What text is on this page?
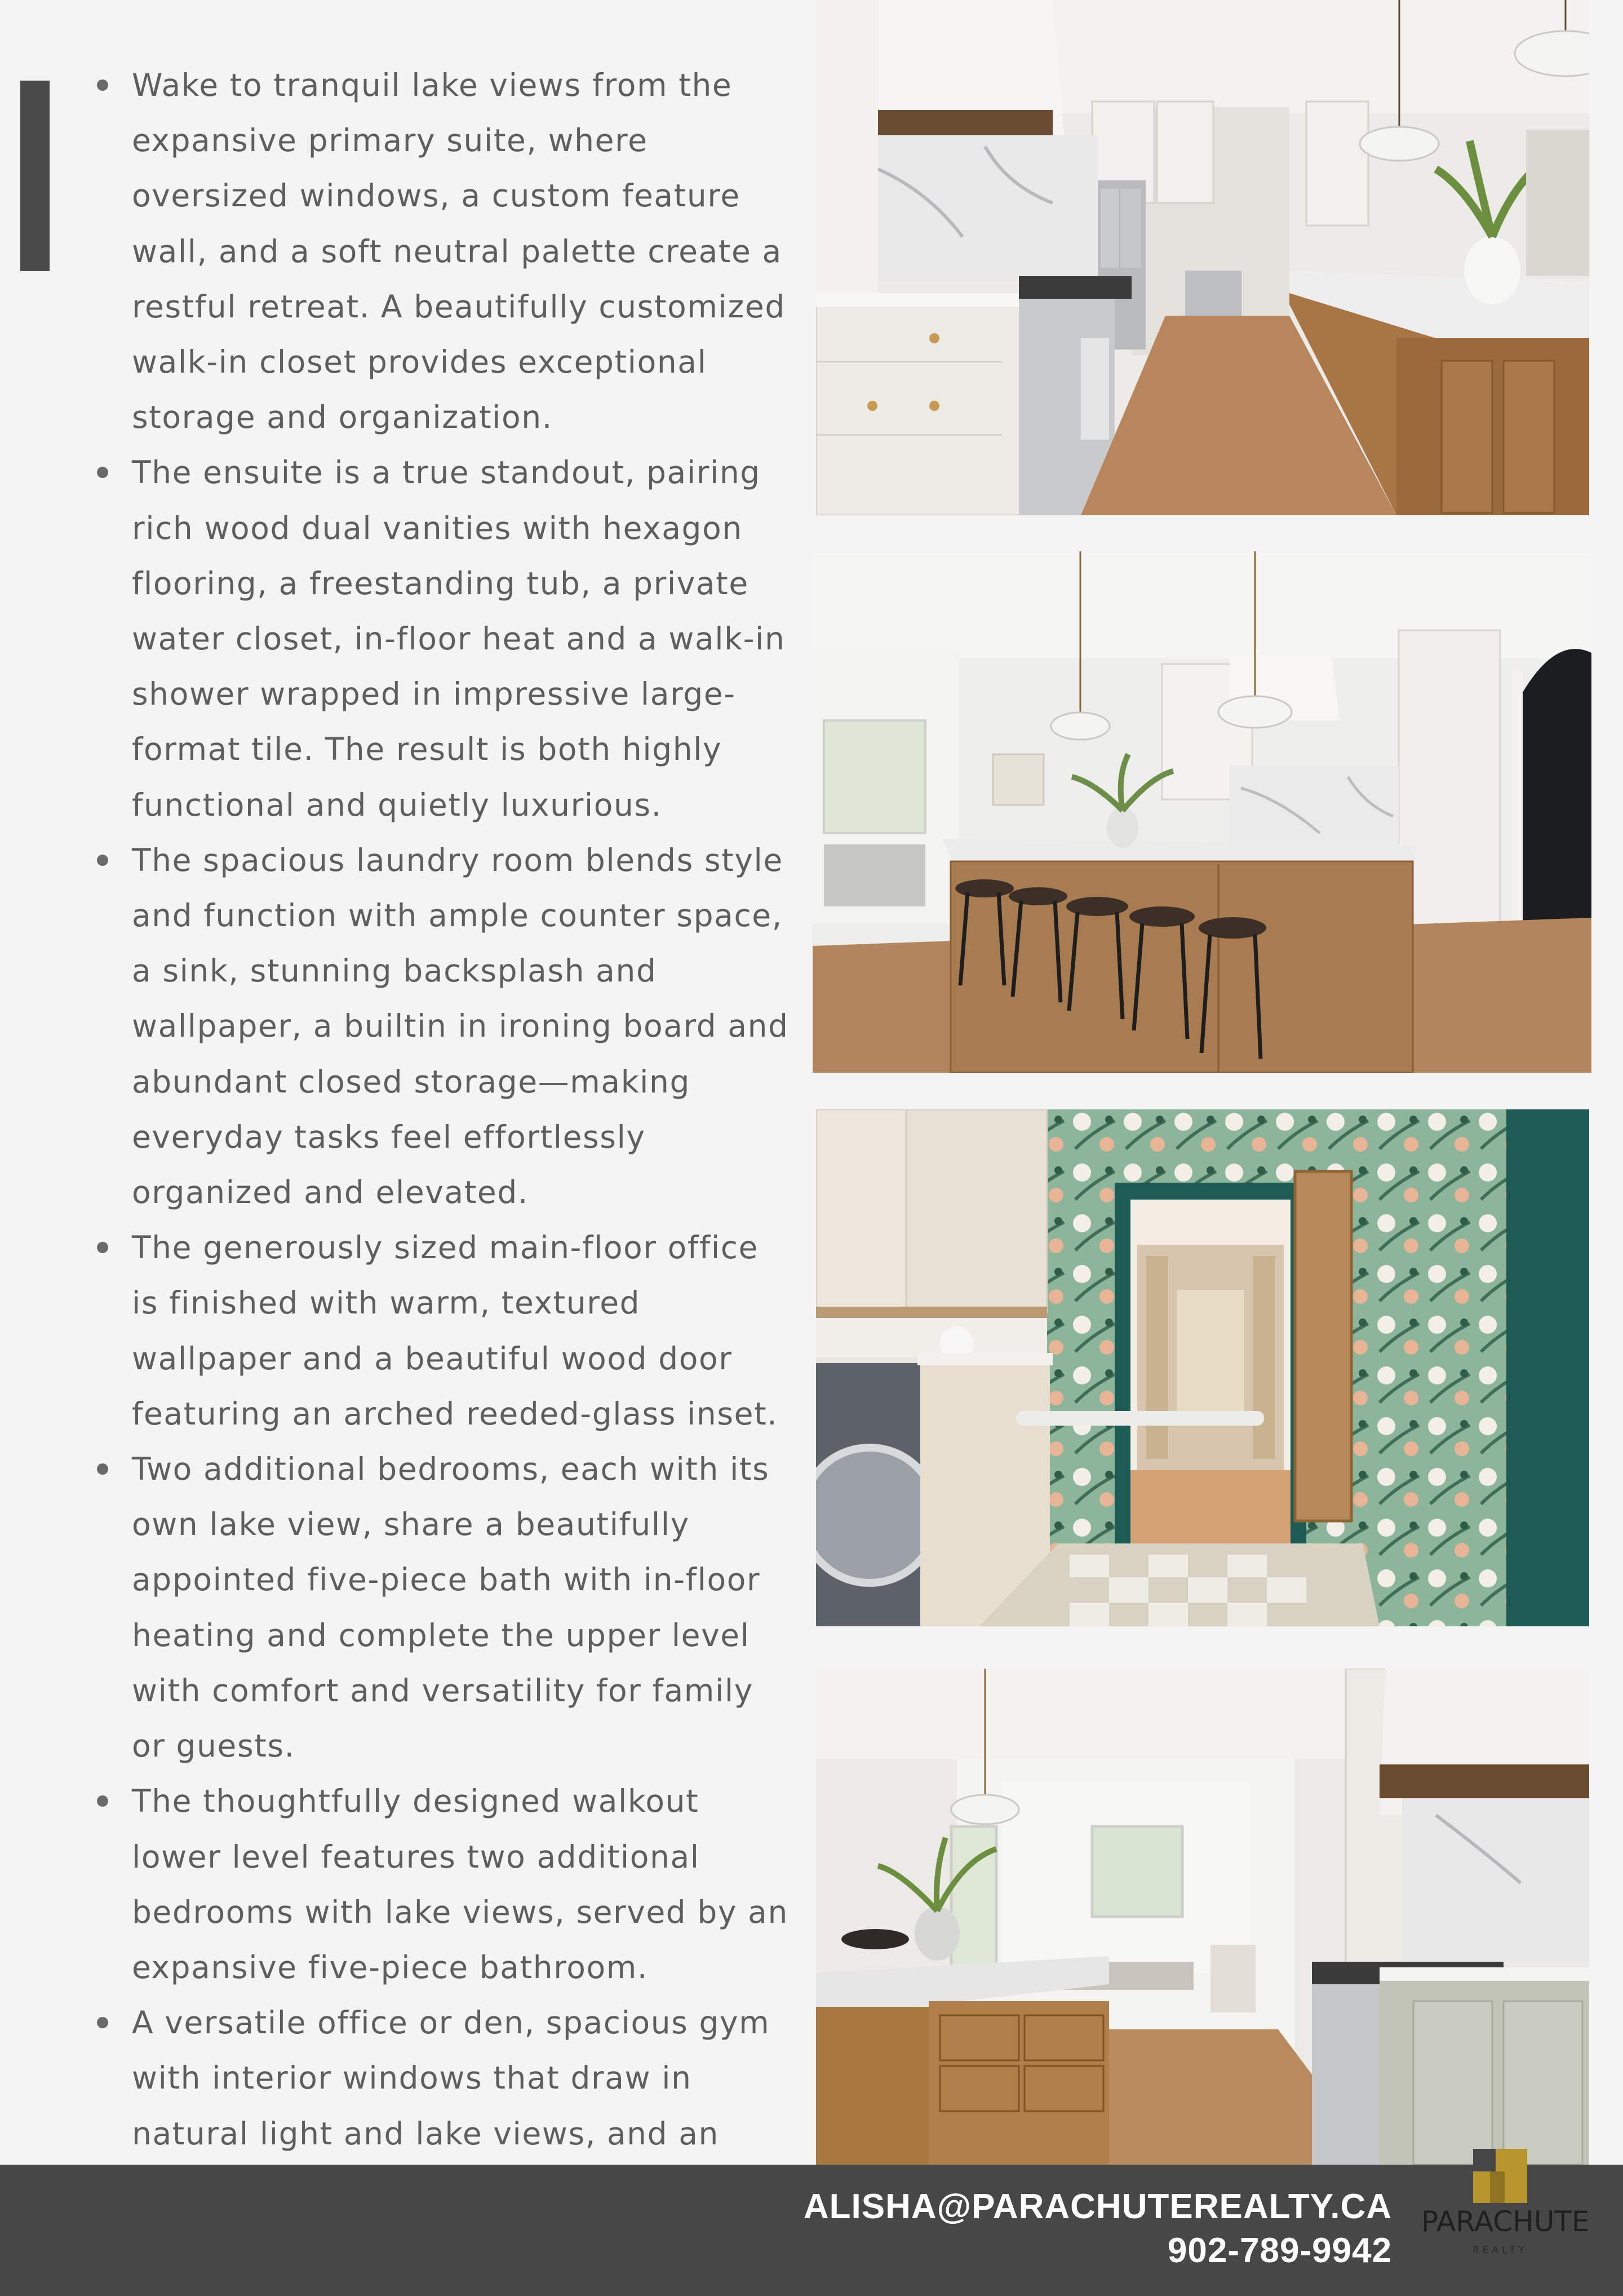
Wake to tranquil lake views from the expansive primary suite, where oversized windows, a custom feature wall, and a soft neutral palette create a restful retreat. A beautifully customized walk-in closet provides exceptional storage and organization.
The ensuite is a true standout, pairing rich wood dual vanities with hexagon flooring, a freestanding tub, a private water closet, in-floor heat and a walk-in shower wrapped in impressive large-format tile. The result is both highly functional and quietly luxurious.
The spacious laundry room blends style and function with ample counter space, a sink, stunning backsplash and wallpaper, a builtin in ironing board and abundant closed storage—making everyday tasks feel effortlessly organized and elevated.
The generously sized main-floor office is finished with warm, textured wallpaper and a beautiful wood door featuring an arched reeded-glass inset.
Two additional bedrooms, each with its own lake view, share a beautifully appointed five-piece bath with in-floor heating and complete the upper level with comfort and versatility for family or guests.
The thoughtfully designed walkout lower level features two additional bedrooms with lake views, served by an expansive five-piece bathroom.
A versatile office or den, spacious gym with interior windows that draw in natural light and lake views, and an
ALISHA@PARACHUTEREALTY.CA
902-789-9942
PARACHUTE
REALTY
